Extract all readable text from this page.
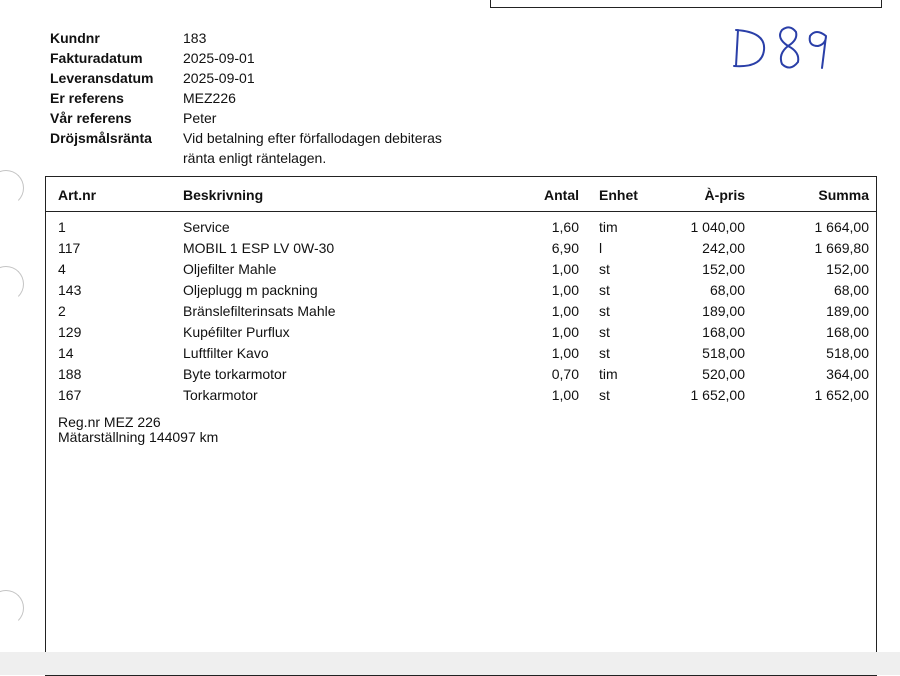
Kundnr	183
Fakturadatum	2025-09-01
Leveransdatum	2025-09-01
Er referens	MEZ226
Vår referens	Peter
Dröjsmålsränta	Vid betalning efter förfallodagen debiteras
ränta enligt räntelagen.
Art.nr	Beskrivning	Antal Enhet	À-pris	Summa
1	Service	1,60 tim	1 040,00	1 664,00
117	MOBIL 1 ESP LV 0W-30	6,90 l	242,00	1 669,80
4	Oljefilter Mahle	1,00 st	152,00	152,00
143	Oljeplugg m packning	1,00 st	68,00	68,00
2	Bränslefilterinsats Mahle	1,00 st	189,00	189,00
129	Kupéfilter Purflux	1,00 st	168,00	168,00
14	Luftfilter Kavo	1,00 st	518,00	518,00
188	Byte torkarmotor	0,70 tim	520,00	364,00
167	Torkarmotor	1,00 st	1 652,00	1 652,00
Reg.nr MEZ 226
Mätarställning 144097 km
